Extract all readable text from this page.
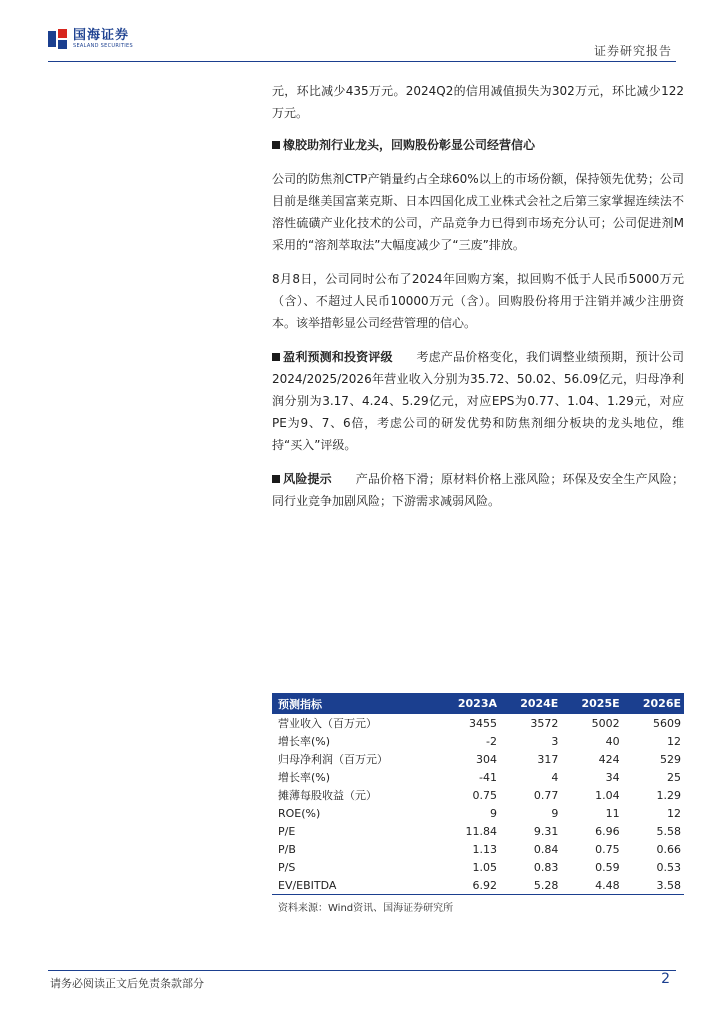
国海证券
SEALAND SECURITIES	证券研究报告

元，环比减少435万元。2024Q2的信用减值损失为302万元，环比减少122万元。

橡胶助剂行业龙头，回购股份彰显公司经营信心

公司的防焦剂CTP产销量约占全球60%以上的市场份额，保持领先优势；公司目前是继美国富莱克斯、日本四国化成工业株式会社之后第三家掌握连续法不溶性硫磺产业化技术的公司，产品竞争力已得到市场充分认可；公司促进剂M采用的“溶剂萃取法”大幅度减少了“三废”排放。

8月8日，公司同时公布了2024年回购方案，拟回购不低于人民币5000万元（含）、不超过人民币10000万元（含）。回购股份将用于注销并减少注册资本。该举措彰显公司经营管理的信心。

盈利预测和投资评级 考虑产品价格变化，我们调整业绩预期，预计公司2024/2025/2026年营业收入分别为35.72、50.02、56.09亿元，归母净利润分别为3.17、4.24、5.29亿元，对应EPS为0.77、1.04、1.29元，对应PE为9、7、6倍，考虑公司的研发优势和防焦剂细分板块的龙头地位，维持“买入”评级。

风险提示 产品价格下滑；原材料价格上涨风险；环保及安全生产风险；同行业竞争加剧风险；下游需求减弱风险。

预测指标	2023A	2024E	2025E	2026E
营业收入（百万元）	3455	3572	5002	5609
增长率(%)	-2	3	40	12
归母净利润（百万元）	304	317	424	529
增长率(%)	-41	4	34	25
摊薄每股收益（元）	0.75	0.77	1.04	1.29
ROE(%)	9	9	11	12
P/E	11.84	9.31	6.96	5.58
P/B	1.13	0.84	0.75	0.66
P/S	1.05	0.83	0.59	0.53
EV/EBITDA	6.92	5.28	4.48	3.58
资料来源：Wind资讯、国海证券研究所
请务必阅读正文后免责条款部分	2
